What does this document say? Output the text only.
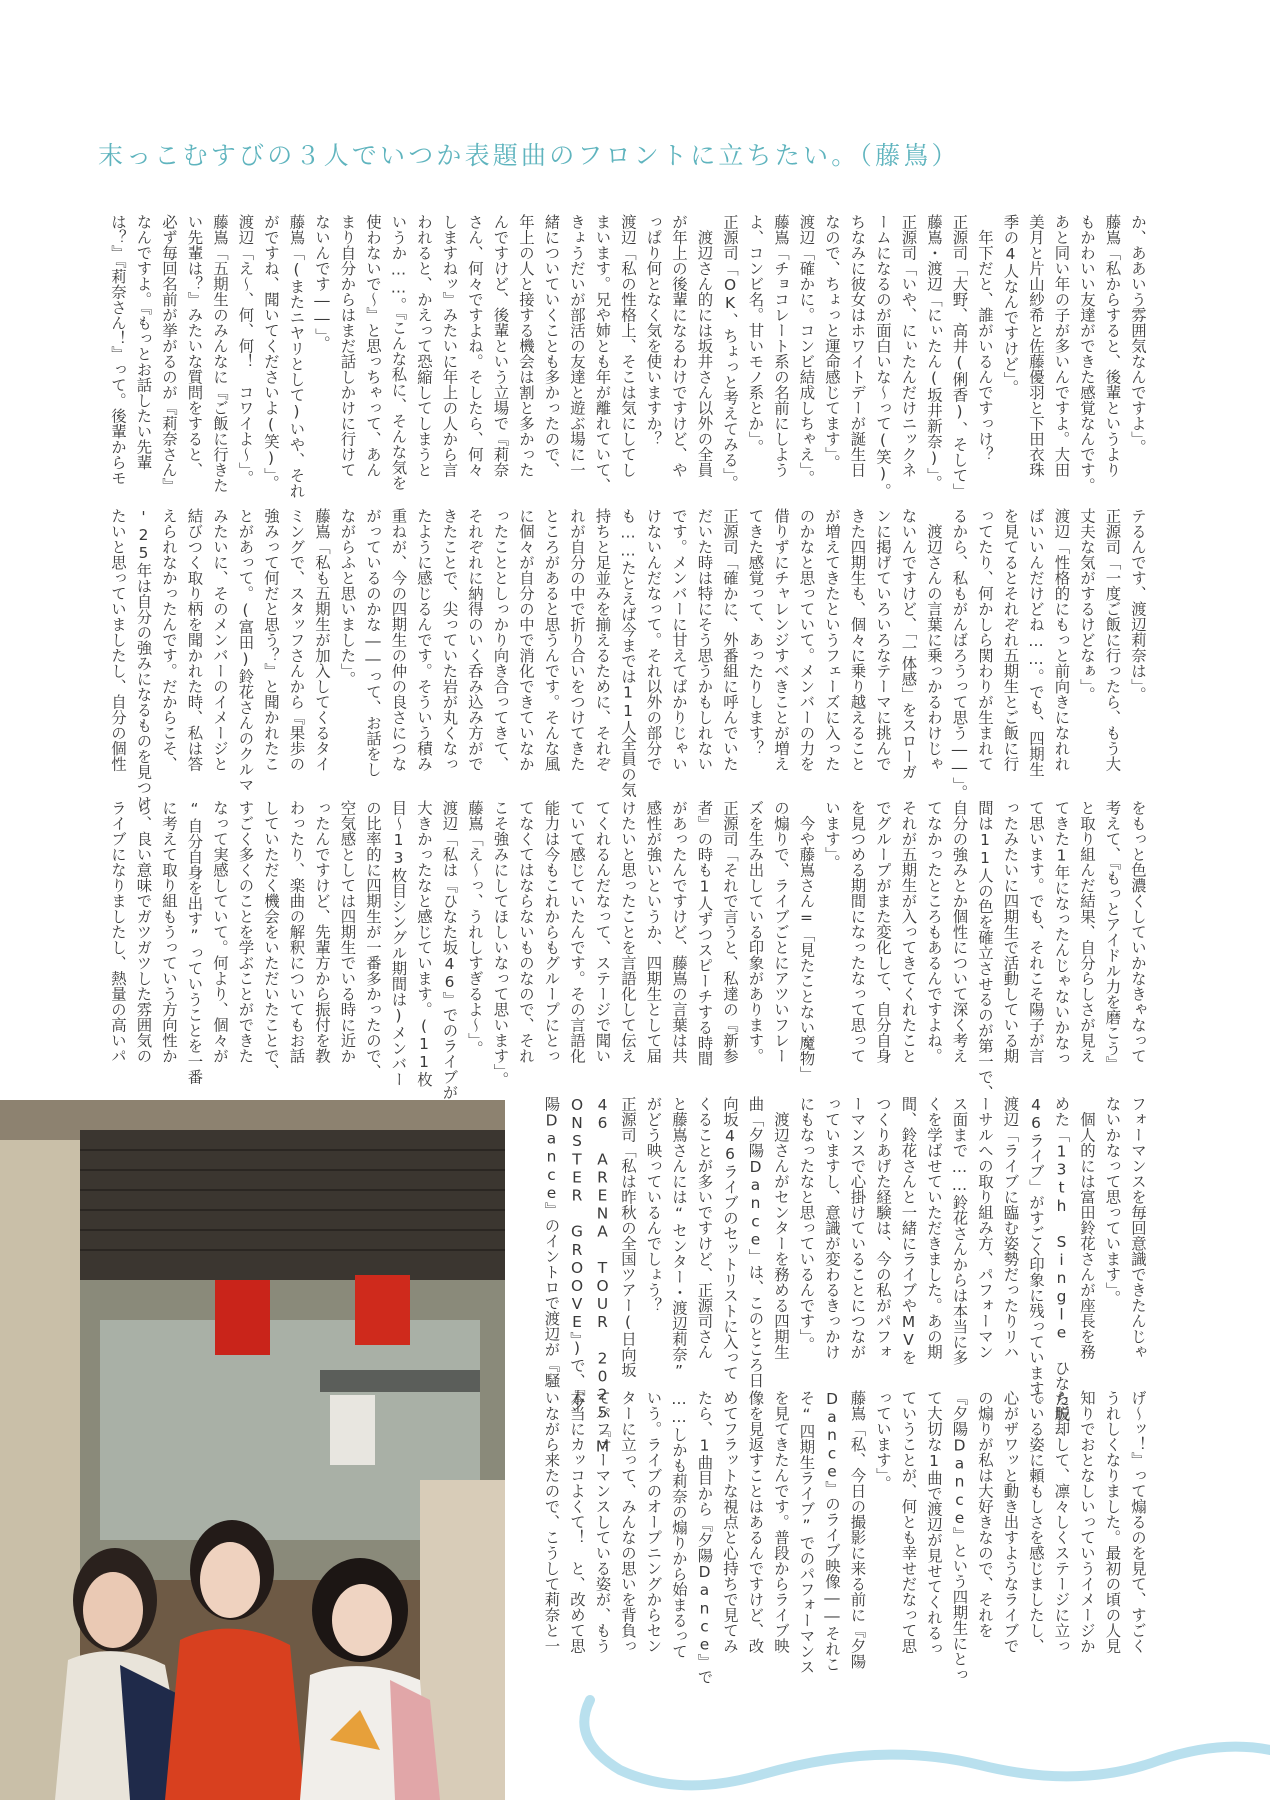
末っこむすびの３人でいつか表題曲のフロントに立ちたい。（藤嶌）
か、ああいう雰囲気なんですよ」。
藤嶌「私からすると、後輩というより
もかわいい友達ができた感覚なんです。
あと同い年の子が多いんですよ。大田
美月と片山紗希と佐藤優羽と下田衣珠
季の4人なんですけど」。
　年下だと、誰がいるんですっけ？
正源司「大野、高井(俐香)、そして」
藤嶌・渡辺「にぃたん(坂井新奈)」。
正源司「いや、にぃたんだけニックネ
ームになるのが面白いな〜って(笑)。
ちなみに彼女はホワイトデーが誕生日
なので、ちょっと運命感じてます」。
渡辺「確かに。コンビ結成しちゃえ」。
藤嶌「チョコレート系の名前にしよう
よ、コンビ名。甘いモノ系とか」。
正源司「OK、ちょっと考えてみる」。
　渡辺さん的には坂井さん以外の全員
が年上の後輩になるわけですけど、や
っぱり何となく気を使いますか？
渡辺「私の性格上、そこは気にしてし
まいます。兄や姉とも年が離れていて、
きょうだいが部活の友達と遊ぶ場に一
緒についていくことも多かったので、
年上の人と接する機会は割と多かった
んですけど、後輩という立場で『莉奈
さん、何々ですよね。そしたら、何々
しますねッ』みたいに年上の人から言
われると、かえって恐縮してしまうと
いうか……。『こんな私に、そんな気を
使わないで〜』と思っちゃって、あん
まり自分からはまだ話しかけに行けて
ないんです――」。
藤嶌「(またニヤリとして)いや、それ
がですね、聞いてくださいよ(笑)」。
渡辺「え〜、何、何！　コワイよ〜」。
藤嶌「五期生のみんなに『ご飯に行きた
い先輩は？』みたいな質問をすると、
必ず毎回名前が挙がるのが『莉奈さん』
なんですよ。『もっとお話したい先輩
は？』『莉奈さん！』って。後輩からモ
テるんです、渡辺莉奈は」。
正源司「一度ご飯に行ったら、もう大
丈夫な気がするけどなぁ」。
渡辺「性格的にもっと前向きになれれ
ばいいんだけどね……。でも、四期生
を見てるとそれぞれ五期生とご飯に行
ってたり、何かしら関わりが生まれて
るから、私もがんばろうって思う――」。
　渡辺さんの言葉に乗っかるわけじゃ
ないんですけど、「一体感」をスローガ
ンに掲げていろいろなテーマに挑んで
きた四期生も、個々に乗り越えること
が増えてきたというフェーズに入った
のかなと思っていて。メンバーの力を
借りずにチャレンジすべきことが増え
てきた感覚って、あったりします？
正源司「確かに、外番組に呼んでいた
だいた時は特にそう思うかもしれない
です。メンバーに甘えてばかりじゃい
けないんだなって。それ以外の部分で
も……たとえば今までは11人全員の気
持ちと足並みを揃えるために、それぞ
れが自分の中で折り合いをつけてきた
ところがあると思うんです。そんな風
に個々が自分の中で消化できていなか
ったこととしっかり向き合ってきて、
それぞれに納得のいく呑み込み方がで
きたことで、尖っていた岩が丸くなっ
たように感じるんです。そういう積み
重ねが、今の四期生の仲の良さにつな
がっているのかな――って、お話をし
ながらふと思いました」。
藤嶌「私も五期生が加入してくるタイ
ミングで、スタッフさんから『果歩の
強みって何だと思う？』と聞かれたこ
とがあって。(富田)鈴花さんのクルマ
みたいに、そのメンバーのイメージと
結びつく取り柄を聞かれた時、私は答
えられなかったんです。だからこそ、
'25年は自分の強みになるものを見つけ
たいと思っていましたし、自分の個性
をもっと色濃くしていかなきゃなって
考えて、『もっとアイドル力を磨こう』
と取り組んだ結果、自分らしさが見え
てきた1年になったんじゃないかなっ
て思います。でも、それこそ陽子が言
ったみたいに四期生で活動している期
間は11人の色を確立させるのが第一で、
自分の強みとか個性について深く考え
てなかったところもあるんですよね。
それが五期生が入ってきてくれたこと
でグループがまた変化して、自分自身
を見つめる期間になったなって思って
います」。
　今や藤嶌さん=「見たことない魔物」
の煽りで、ライブごとにアツいフレー
ズを生み出している印象があります。
正源司「それで言うと、私達の『新参
者』の時も1人ずつスピーチする時間
があったんですけど、藤嶌の言葉は共
感性が強いというか、四期生として届
けたいと思ったことを言語化して伝え
てくれるんだなって、ステージで聞い
ていて感じていたんです。その言語化
能力は今もこれからもグループにとっ
てなくてはならないものなので、それ
こそ強みにしてほしいなって思います」。
藤嶌「え〜っ、うれしすぎるよ〜」。
渡辺「私は『ひなた坂46』でのライブが
大きかったなと感じています。(11枚
目〜13枚目シングル期間は)メンバー
の比率的に四期生が一番多かったので、
空気感としては四期生でいる時に近か
ったんですけど、先輩方から振付を教
わったり、楽曲の解釈についてもお話
していただく機会をいただいたことで、
すごく多くのことを学ぶことができた
なって実感していて。何より、個々が
“自分自身を出す”っていうことを一番
に考えて取り組もうっていう方向性か
ら、良い意味でガツガツした雰囲気の
ライブになりましたし、熱量の高いパ
フォーマンスを毎回意識できたんじゃ
ないかなって思っています」。
　個人的には富田鈴花さんが座長を務
めた「13th Single ひなた坂
46ライブ」がすごく印象に残っています。
渡辺「ライブに臨む姿勢だったりリハ
ーサルへの取り組み方、パフォーマン
ス面まで……鈴花さんからは本当に多
くを学ばせていただきました。あの期
間、鈴花さんと一緒にライブやMVを
つくりあげた経験は、今の私がパフォ
ーマンスで心掛けていることにつなが
っていますし、意識が変わるきっかけ
にもなったなと思っているんです」。
　渡辺さんがセンターを務める四期生
曲「夕陽Dance」は、このところ日
向坂46ライブのセットリストに入って
くることが多いですけど、正源司さん
と藤嶌さんには“センター・渡辺莉奈”
がどう映っているんでしょう？
正源司「私は昨秋の全国ツアー(日向坂
46 ARENA TOUR 2025『M
ONSTER GROOVE』)で、『夕
陽Dance』のイントロで渡辺が『騒
げ〜ッ！』って煽るのを見て、すごく
うれしくなりました。最初の頃の人見
知りでおとなしいっていうイメージか
ら脱却して、凛々しくステージに立っ
ている姿に頼もしさを感じましたし、
心がザワッと動き出すようなライブで
の煽りが私は大好きなので、それを
『夕陽Dance』という四期生にとっ
て大切な1曲で渡辺が見せてくれるっ
ていうことが、何とも幸せだなって思
っています」。
藤嶌「私、今日の撮影に来る前に『夕陽
Dance』のライブ映像――それこ
そ“四期生ライブ”でのパフォーマンス
を見てきたんです。普段からライブ映
像を見返すことはあるんですけど、改
めてフラットな視点と心持ちで見てみ
たら、1曲目から『夕陽Dance』で
……しかも莉奈の煽りから始まるって
いう。ライブのオープニングからセン
ターに立って、みんなの思いを背負っ
てパフォーマンスしている姿が、もう
本当にカッコよくて！　と、改めて思
いながら来たので、こうして莉奈と一
